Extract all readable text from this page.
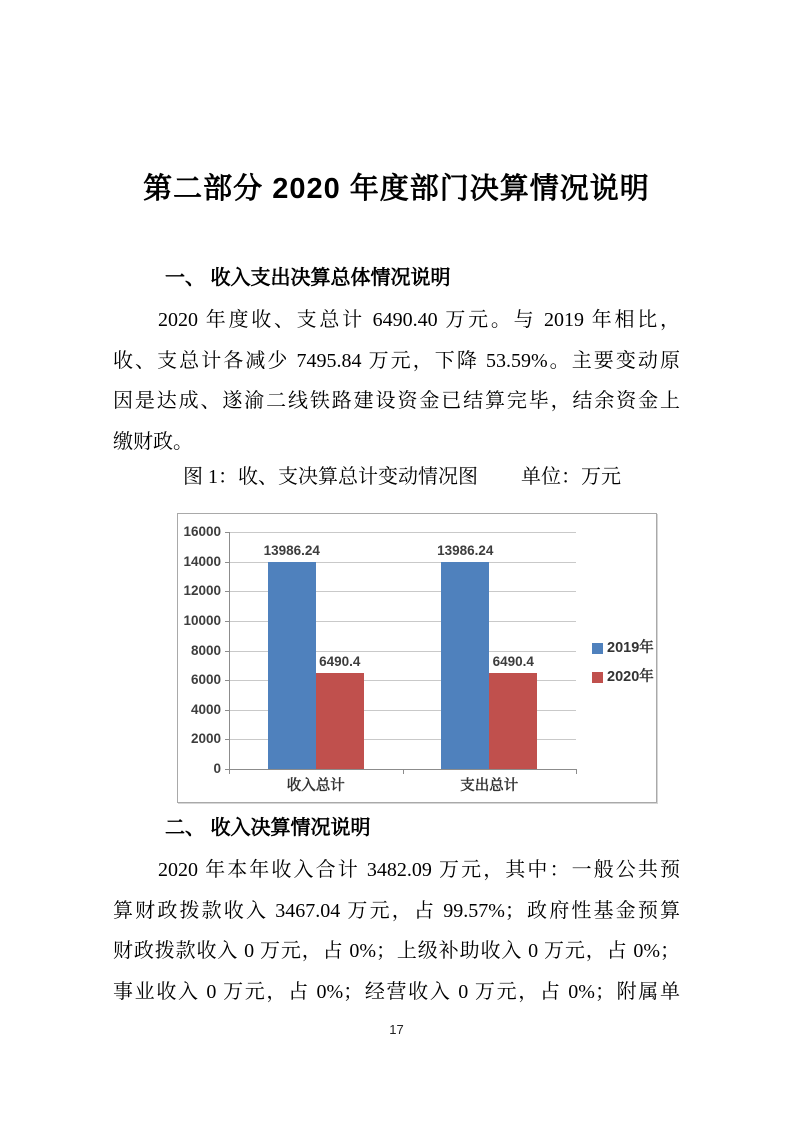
第二部分 2020 年度部门决算情况说明
一、 收入支出决算总体情况说明
2020 年度收、支总计 6490.40 万元。与 2019 年相比，
收、支总计各减少 7495.84 万元，下降 53.59%。主要变动原
因是达成、遂渝二线铁路建设资金已结算完毕，结余资金上
缴财政。
图 1：收、支决算总计变动情况图 单位：万元
0
2000
4000
6000
8000
10000
12000
14000
16000
13986.24
6490.4
收入总计
13986.24
6490.4
支出总计
2019年
2020年
二、 收入决算情况说明
2020 年本年收入合计 3482.09 万元，其中：一般公共预
算财政拨款收入 3467.04 万元，占 99.57%；政府性基金预算
财政拨款收入 0 万元，占 0%；上级补助收入 0 万元，占 0%；
事业收入 0 万元，占 0%；经营收入 0 万元，占 0%；附属单
17
